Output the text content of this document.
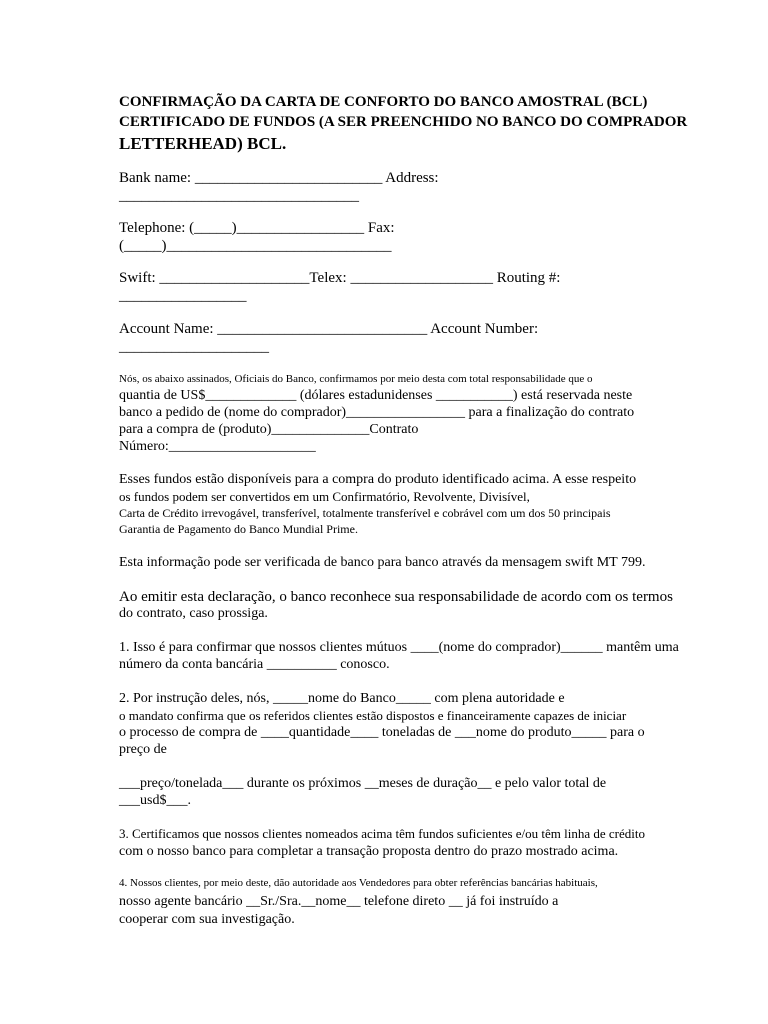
CONFIRMAÇÃO DA CARTA DE CONFORTO DO BANCO AMOSTRAL (BCL)
CERTIFICADO DE FUNDOS (A SER PREENCHIDO NO BANCO DO COMPRADOR
LETTERHEAD) BCL.
Bank name: _________________________ Address:
________________________________
Telephone: (_____)_________________ Fax:
(_____)______________________________
Swift: ____________________Telex: ___________________ Routing #:
_________________
Account Name: ____________________________ Account Number:
____________________
Nós, os abaixo assinados, Oficiais do Banco, confirmamos por meio desta com total responsabilidade que o
quantia de US$_____________ (dólares estadunidenses ___________) está reservada neste
banco a pedido de (nome do comprador)_________________ para a finalização do contrato
para a compra de (produto)______________Contrato
Número:_____________________
Esses fundos estão disponíveis para a compra do produto identificado acima. A esse respeito
os fundos podem ser convertidos em um Confirmatório, Revolvente, Divisível,
Carta de Crédito irrevogável, transferível, totalmente transferível e cobrável com um dos 50 principais
Garantia de Pagamento do Banco Mundial Prime.
Esta informação pode ser verificada de banco para banco através da mensagem swift MT 799.
Ao emitir esta declaração, o banco reconhece sua responsabilidade de acordo com os termos
do contrato, caso prossiga.
1. Isso é para confirmar que nossos clientes mútuos ____(nome do comprador)______ mantêm uma
número da conta bancária __________ conosco.
2. Por instrução deles, nós, _____nome do Banco_____ com plena autoridade e
o mandato confirma que os referidos clientes estão dispostos e financeiramente capazes de iniciar
o processo de compra de ____quantidade____ toneladas de ___nome do produto_____ para o
preço de
___preço/tonelada___ durante os próximos __meses de duração__ e pelo valor total de
___usd$___.
3. Certificamos que nossos clientes nomeados acima têm fundos suficientes e/ou têm linha de crédito
com o nosso banco para completar a transação proposta dentro do prazo mostrado acima.
4. Nossos clientes, por meio deste, dão autoridade aos Vendedores para obter referências bancárias habituais,
nosso agente bancário __Sr./Sra.__nome__ telefone direto __ já foi instruído a
cooperar com sua investigação.
